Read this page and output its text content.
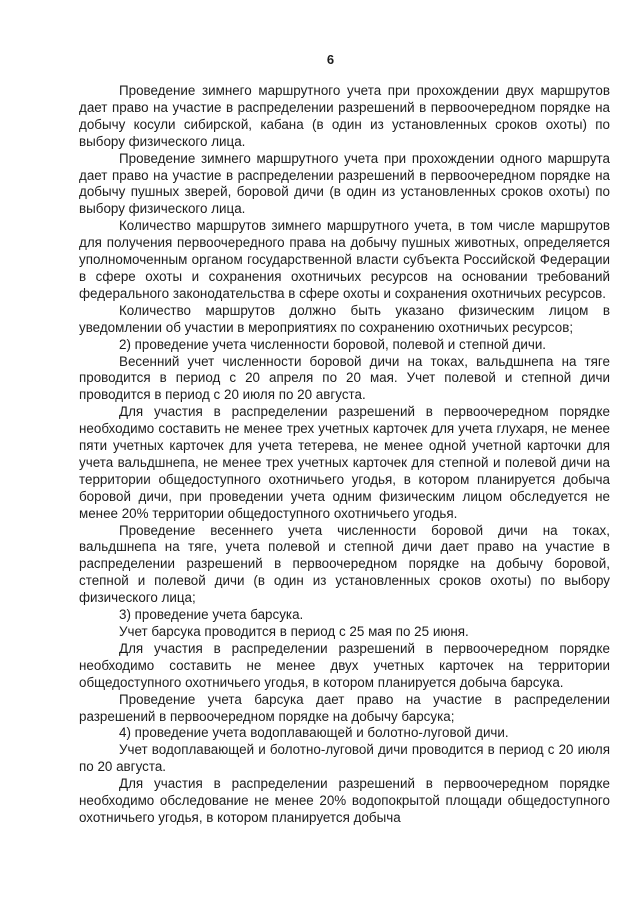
6

Проведение зимнего маршрутного учета при прохождении двух маршрутов дает право на участие в распределении разрешений в первоочередном порядке на добычу косули сибирской, кабана (в один из установленных сроков охоты) по выбору физического лица.

Проведение зимнего маршрутного учета при прохождении одного маршрута дает право на участие в распределении разрешений в первоочередном порядке на добычу пушных зверей, боровой дичи (в один из установленных сроков охоты) по выбору физического лица.

Количество маршрутов зимнего маршрутного учета, в том числе маршрутов для получения первоочередного права на добычу пушных животных, определяется уполномоченным органом государственной власти субъекта Российской Федерации в сфере охоты и сохранения охотничьих ресурсов на основании требований федерального законодательства в сфере охоты и сохранения охотничьих ресурсов.

Количество маршрутов должно быть указано физическим лицом в уведомлении об участии в мероприятиях по сохранению охотничьих ресурсов;

2) проведение учета численности боровой, полевой и степной дичи.

Весенний учет численности боровой дичи на токах, вальдшнепа на тяге проводится в период с 20 апреля по 20 мая. Учет полевой и степной дичи проводится в период с 20 июля по 20 августа.

Для участия в распределении разрешений в первоочередном порядке необходимо составить не менее трех учетных карточек для учета глухаря, не менее пяти учетных карточек для учета тетерева, не менее одной учетной карточки для учета вальдшнепа, не менее трех учетных карточек для степной и полевой дичи на территории общедоступного охотничьего угодья, в котором планируется добыча боровой дичи, при проведении учета одним физическим лицом обследуется не менее 20% территории общедоступного охотничьего угодья.

Проведение весеннего учета численности боровой дичи на токах, вальдшнепа на тяге, учета полевой и степной дичи дает право на участие в распределении разрешений в первоочередном порядке на добычу боровой, степной и полевой дичи (в один из установленных сроков охоты) по выбору физического лица;

3) проведение учета барсука.

Учет барсука проводится в период с 25 мая по 25 июня.

Для участия в распределении разрешений в первоочередном порядке необходимо составить не менее двух учетных карточек на территории общедоступного охотничьего угодья, в котором планируется добыча барсука.

Проведение учета барсука дает право на участие в распределении разрешений в первоочередном порядке на добычу барсука;

4) проведение учета водоплавающей и болотно-луговой дичи.

Учет водоплавающей и болотно-луговой дичи проводится в период с 20 июля по 20 августа.

Для участия в распределении разрешений в первоочередном порядке необходимо обследование не менее 20% водопокрытой площади общедоступного охотничьего угодья, в котором планируется добыча
